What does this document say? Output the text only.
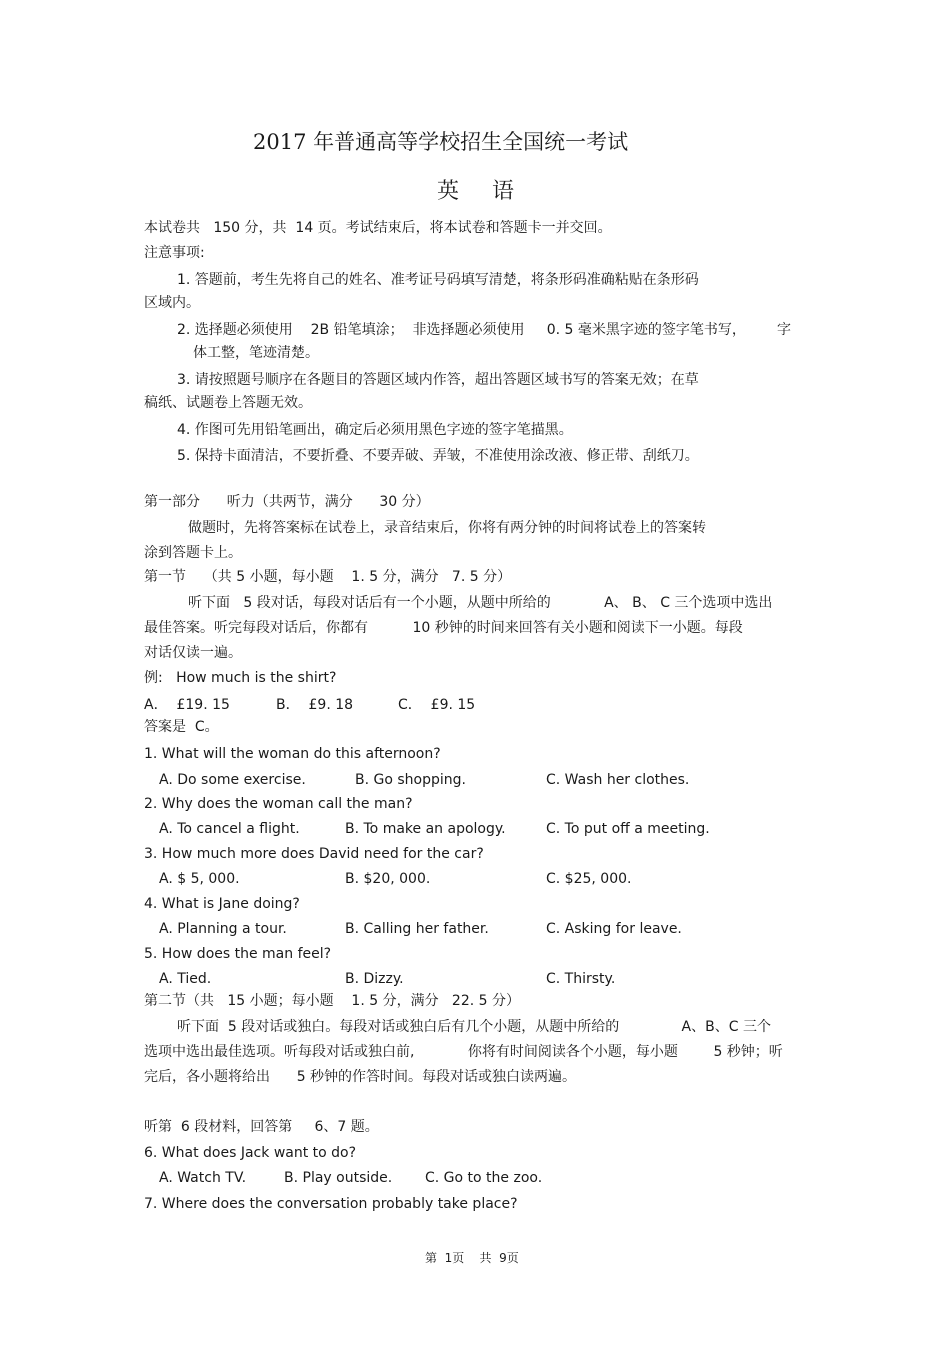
2017 年普通高等学校招生全国统一考试
英    语
本试卷共   150 分，共  14 页。考试结束后，将本试卷和答题卡一并交回。
注意事项:
1. 答题前，考生先将自己的姓名、准考证号码填写清楚，将条形码准确粘贴在条形码
区域内。
2. 选择题必须使用    2B 铅笔填涂；  非选择题必须使用     0. 5 毫米黑字迹的签字笔书写，       字
体工整，笔迹清楚。
3. 请按照题号顺序在各题目的答题区域内作答，超出答题区域书写的答案无效；在草
稿纸、试题卷上答题无效。
4. 作图可先用铅笔画出，确定后必须用黑色字迹的签字笔描黑。
5. 保持卡面清洁，不要折叠、不要弄破、弄皱，不准使用涂改液、修正带、刮纸刀。
第一部分      听力（共两节，满分      30 分）
做题时，先将答案标在试卷上，录音结束后，你将有两分钟的时间将试卷上的答案转
涂到答题卡上。
第一节    （共 5 小题，每小题    1. 5 分，满分   7. 5 分）
听下面   5 段对话，每段对话后有一个小题，从题中所给的            A、 B、 C 三个选项中选出
最佳答案。听完每段对话后，你都有          10 秒钟的时间来回答有关小题和阅读下一小题。每段
对话仅读一遍。
例:   How much is the shirt?
A．  £19. 15	B．  £9. 18	C．  £9. 15
答案是  C。
1. What will the woman do this afternoon?
A. Do some exercise.	B. Go shopping.	C. Wash her clothes.
2. Why does the woman call the man?
A. To cancel a flight.	B. To make an apology.	C. To put off a meeting.
3. How much more does David need for the car?
A. $ 5, 000.	B. $20, 000.	C. $25, 000.
4. What is Jane doing?
A. Planning a tour.	B. Calling her father.	C. Asking for leave.
5. How does the man feel?
A. Tied.	B. Dizzy.	C. Thirsty.
第二节（共   15 小题；每小题    1. 5 分，满分   22. 5 分）
听下面  5 段对话或独白。每段对话或独白后有几个小题，从题中所给的              A、B、C 三个
选项中选出最佳选项。听每段对话或独白前,            你将有时间阅读各个小题，每小题        5 秒钟；听
完后，各小题将给出      5 秒钟的作答时间。每段对话或独白读两遍。
听第  6 段材料，回答第     6、7 题。
6. What does Jack want to do?
A. Watch TV.	B. Play outside. C. Go to the zoo.
7. Where does the conversation probably take place?
第  1页    共  9页
